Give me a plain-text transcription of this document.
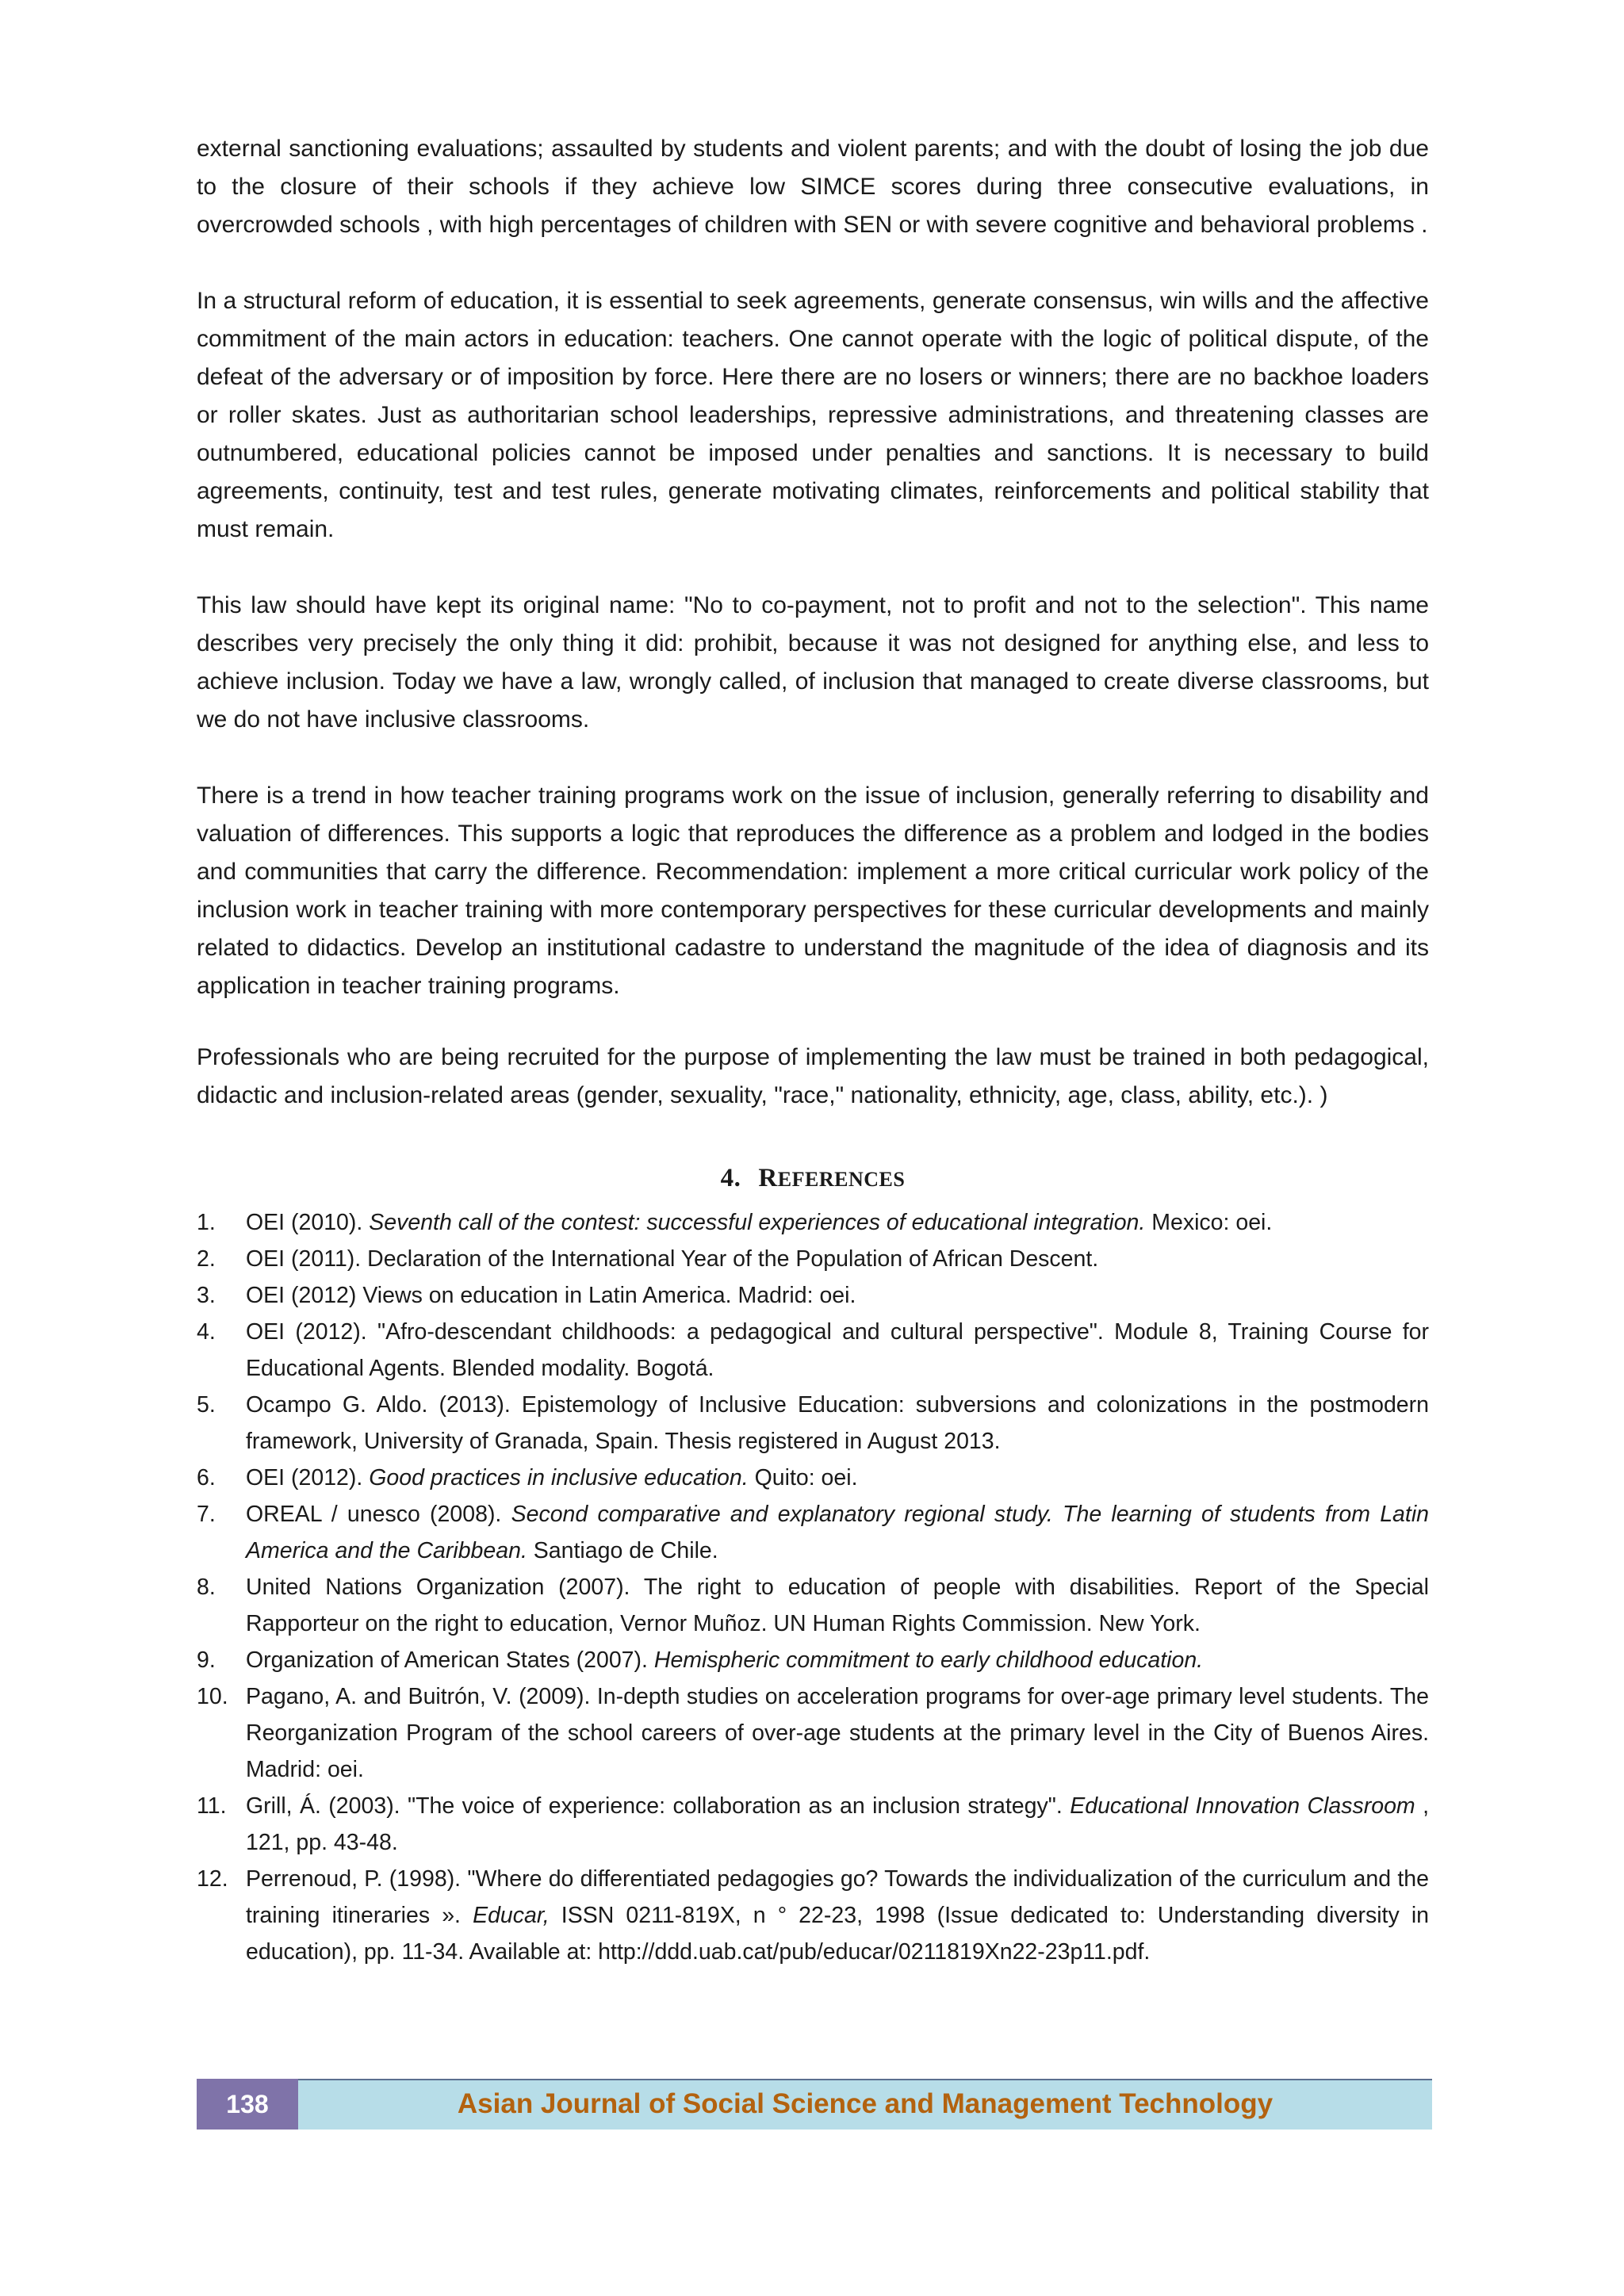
external sanctioning evaluations; assaulted by students and violent parents; and with the doubt of losing the job due to the closure of their schools if they achieve low SIMCE scores during three consecutive evaluations, in overcrowded schools , with high percentages of children with SEN or with severe cognitive and behavioral problems .

In a structural reform of education, it is essential to seek agreements, generate consensus, win wills and the affective commitment of the main actors in education: teachers. One cannot operate with the logic of political dispute, of the defeat of the adversary or of imposition by force. Here there are no losers or winners; there are no backhoe loaders or roller skates. Just as authoritarian school leaderships, repressive administrations, and threatening classes are outnumbered, educational policies cannot be imposed under penalties and sanctions. It is necessary to build agreements, continuity, test and test rules, generate motivating climates, reinforcements and political stability that must remain.

This law should have kept its original name: "No to co-payment, not to profit and not to the selection". This name describes very precisely the only thing it did: prohibit, because it was not designed for anything else, and less to achieve inclusion. Today we have a law, wrongly called, of inclusion that managed to create diverse classrooms, but we do not have inclusive classrooms.

There is a trend in how teacher training programs work on the issue of inclusion, generally referring to disability and valuation of differences. This supports a logic that reproduces the difference as a problem and lodged in the bodies and communities that carry the difference. Recommendation: implement a more critical curricular work policy of the inclusion work in teacher training with more contemporary perspectives for these curricular developments and mainly related to didactics. Develop an institutional cadastre to understand the magnitude of the idea of diagnosis and its application in teacher training programs.

Professionals who are being recruited for the purpose of implementing the law must be trained in both pedagogical, didactic and inclusion-related areas (gender, sexuality, "race," nationality, ethnicity, age, class, ability, etc.). )

4. REFERENCES
1.	OEI (2010). Seventh call of the contest: successful experiences of educational integration. Mexico: oei.
2.	OEI (2011). Declaration of the International Year of the Population of African Descent.
3.	OEI (2012) Views on education in Latin America. Madrid: oei.
4.	OEI (2012). "Afro-descendant childhoods: a pedagogical and cultural perspective". Module 8, Training Course for Educational Agents. Blended modality. Bogotá.
5.	Ocampo G. Aldo. (2013). Epistemology of Inclusive Education: subversions and colonizations in the postmodern framework, University of Granada, Spain. Thesis registered in August 2013.
6.	OEI (2012). Good practices in inclusive education. Quito: oei.
7.	OREAL / unesco (2008). Second comparative and explanatory regional study. The learning of students from Latin America and the Caribbean. Santiago de Chile.
8.	United Nations Organization (2007). The right to education of people with disabilities. Report of the Special Rapporteur on the right to education, Vernor Muñoz. UN Human Rights Commission. New York.
9.	Organization of American States (2007). Hemispheric commitment to early childhood education.
10. Pagano, A. and Buitrón, V. (2009). In-depth studies on acceleration programs for over-age primary level students. The Reorganization Program of the school careers of over-age students at the primary level in the City of Buenos Aires. Madrid: oei.
11. Grill, Á. (2003). "The voice of experience: collaboration as an inclusion strategy". Educational Innovation Classroom , 121, pp. 43-48.
12. Perrenoud, P. (1998). "Where do differentiated pedagogies go? Towards the individualization of the curriculum and the training itineraries ». Educar, ISSN 0211-819X, n ° 22-23, 1998 (Issue dedicated to: Understanding diversity in education), pp. 11-34. Available at: http://ddd.uab.cat/pub/educar/0211819Xn22-23p11.pdf.
138	Asian Journal of Social Science and Management Technology
